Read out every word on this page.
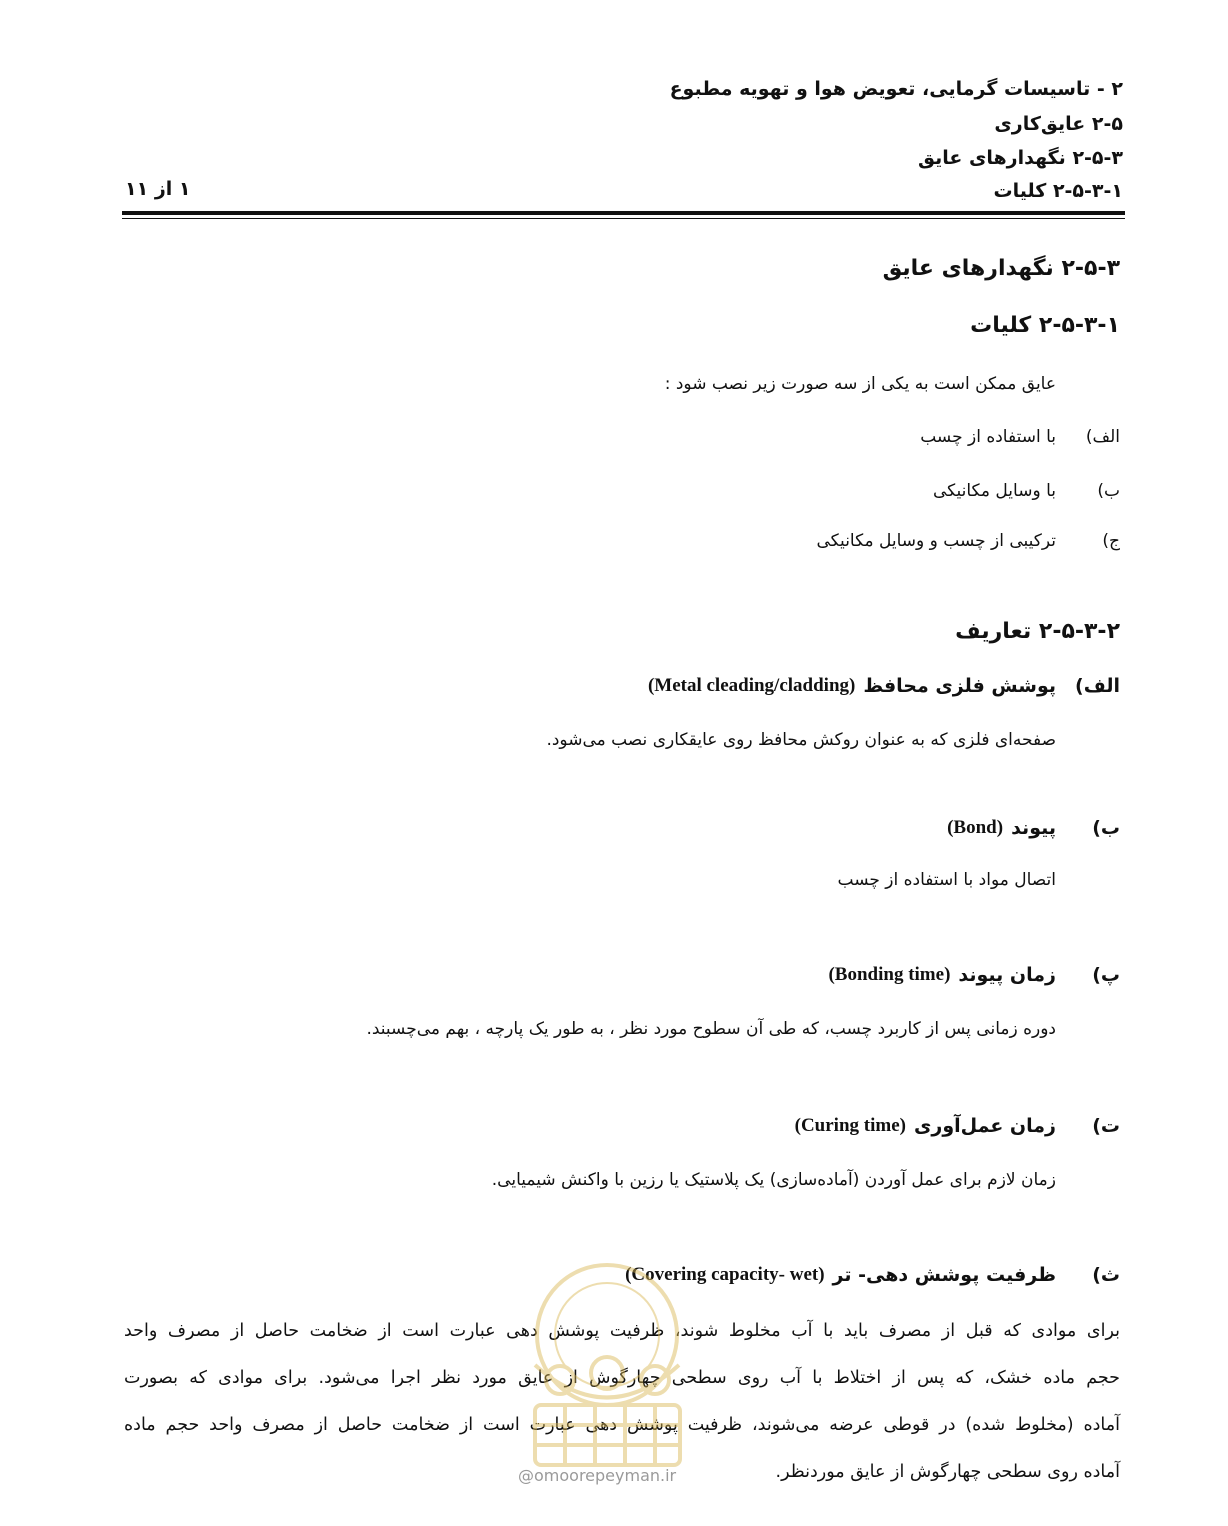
۲ - تاسیسات گرمایی، تعویض هوا و تهویه مطبوع
۲-۵ عایق‌کاری
۲-۵-۳ نگهدارهای عایق
۲-۵-۳-۱ کلیات
۱ از ۱۱
۲-۵-۳ نگهدارهای عایق
۲-۵-۳-۱ کلیات
عایق ممکن است به یکی از سه صورت زیر نصب شود :
الف)
با استفاده از چسب
ب)
با وسایل مکانیکی
ج)
ترکیبی از چسب و وسایل مکانیکی
۲-۵-۳-۲ تعاریف
الف)
پوشش فلزی محافظ
(Metal cleading/cladding)
صفحه‌ای فلزی که به عنوان روکش محافظ روی عایقکاری نصب می‌شود.
ب)
پیوند
(Bond)
اتصال مواد با استفاده از چسب
پ)
زمان پیوند
(Bonding time)
دوره زمانی پس از کاربرد چسب، که طی آن سطوح مورد نظر ، به طور یک پارچه ، بهم می‌چسبند.
ت)
زمان عمل‌آوری
(Curing time)
زمان لازم برای عمل آوردن (آماده‌سازی) یک پلاستیک یا رزین با واکنش شیمیایی.
ث)
ظرفیت پوشش دهی- تر
(Covering capacity- wet)
برای موادی که قبل از مصرف باید با آب مخلوط شوند، ظرفیت پوشش دهی عبارت است از ضخامت حاصل از مصرف واحد
حجم ماده خشک، که پس از اختلاط با آب روی سطحی چهارگوش از عایق مورد نظر اجرا می‌شود. برای موادی که بصورت
آماده (مخلوط شده) در قوطی عرضه می‌شوند، ظرفیت پوشش دهی عبارت است از ضخامت حاصل از مصرف واحد حجم ماده
آماده روی سطحی چهارگوش از عایق موردنظر.
@omoorepeyman.ir
